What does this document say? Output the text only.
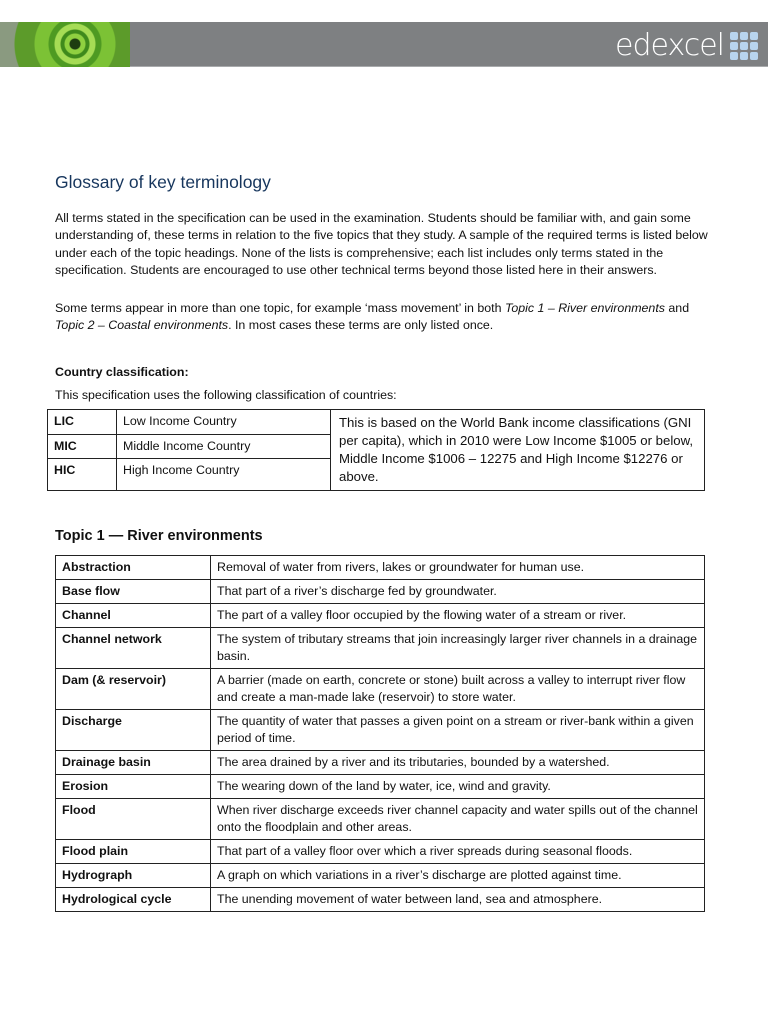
edexcel
Glossary of key terminology

All terms stated in the specification can be used in the examination. Students should be familiar with, and gain some understanding of, these terms in relation to the five topics that they study. A sample of the required terms is listed below under each of the topic headings. None of the lists is comprehensive; each list includes only terms stated in the specification. Students are encouraged to use other technical terms beyond those listed here in their answers.

Some terms appear in more than one topic, for example ‘mass movement’ in both Topic 1 – River environments and Topic 2 – Coastal environments. In most cases these terms are only listed once.

Country classification:
This specification uses the following classification of countries:
LIC	Low Income Country	This is based on the World Bank income classifications (GNI per capita), which in 2010 were Low Income $1005 or below, Middle Income $1006 – 12275 and High Income $12276 or above.
MIC	Middle Income Country	
HIC	High Income Country	
Topic 1 — River environments
Abstraction	Removal of water from rivers, lakes or groundwater for human use.
Base flow	That part of a river’s discharge fed by groundwater.
Channel	The part of a valley floor occupied by the flowing water of a stream or river.
Channel network	The system of tributary streams that join increasingly larger river channels in a drainage basin.
Dam (& reservoir)	A barrier (made on earth, concrete or stone) built across a valley to interrupt river flow and create a man-made lake (reservoir) to store water.
Discharge	The quantity of water that passes a given point on a stream or river-bank within a given period of time.
Drainage basin	The area drained by a river and its tributaries, bounded by a watershed.
Erosion	The wearing down of the land by water, ice, wind and gravity.
Flood	When river discharge exceeds river channel capacity and water spills out of the channel onto the floodplain and other areas.
Flood plain	That part of a valley floor over which a river spreads during seasonal floods.
Hydrograph	A graph on which variations in a river’s discharge are plotted against time.
Hydrological cycle	The unending movement of water between land, sea and atmosphere.
